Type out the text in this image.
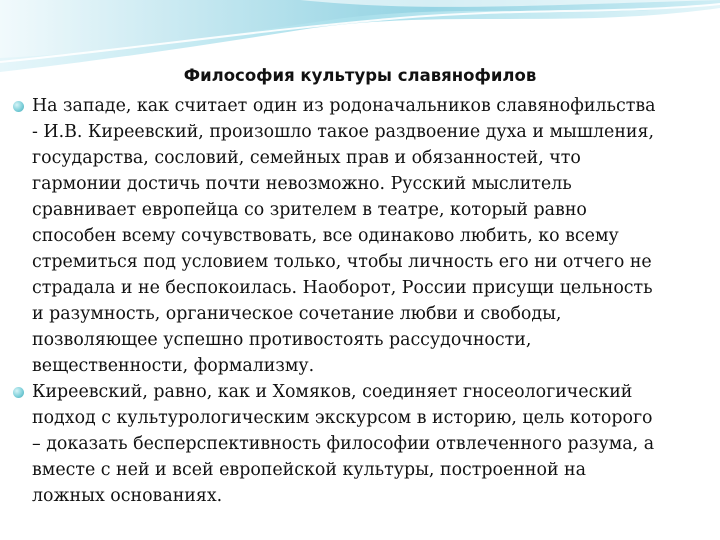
Философия культуры славянофилов
На западе, как считает один из родоначальников славянофильства
- И.В. Киреевский, произошло такое раздвоение духа и мышления,
государства, сословий, семейных прав и обязанностей, что
гармонии достичь почти невозможно. Русский мыслитель
сравнивает европейца со зрителем в театре, который равно
способен всему сочувствовать, все одинаково любить, ко всему
стремиться под условием только, чтобы личность его ни отчего не
страдала и не беспокоилась. Наоборот, России присущи цельность
и разумность, органическое сочетание любви и свободы,
позволяющее успешно противостоять рассудочности,
вещественности, формализму.
Киреевский, равно, как и Хомяков, соединяет гносеологический
подход с культурологическим экскурсом в историю, цель которого
– доказать бесперспективность философии отвлеченного разума, а
вместе с ней и всей европейской культуры, построенной на
ложных основаниях.
